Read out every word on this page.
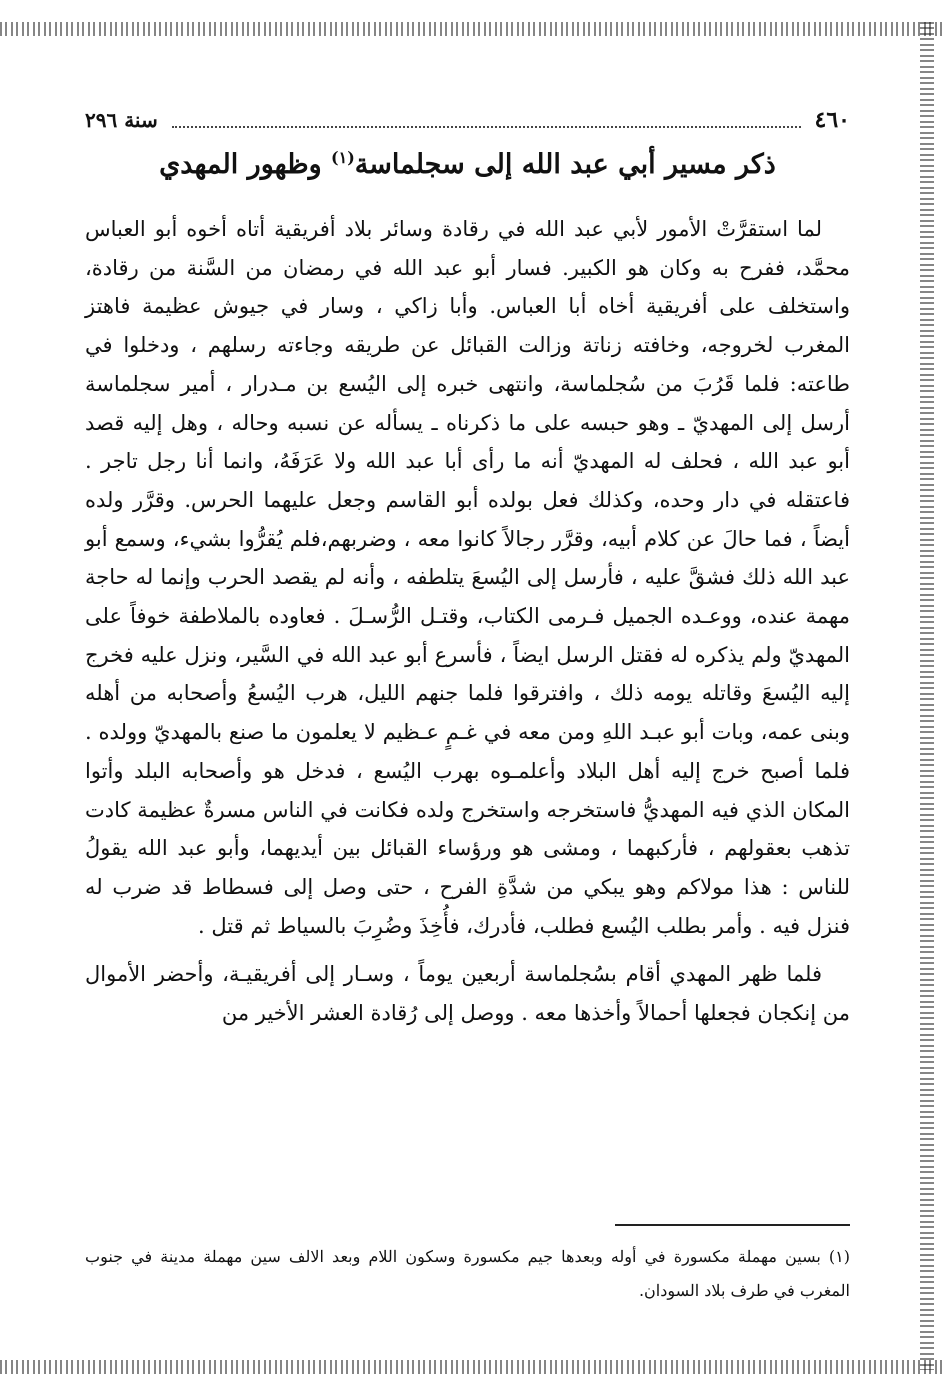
٤٦٠
سنة ٢٩٦
ذكر مسير أبي عبد الله إلى سجلماسة$^{(١)}$ وظهور المهدي

لما استقرَّتْ الأمور لأبي عبد الله في رقادة وسائر بلاد أفريقية أتاه أخوه أبو العباس محمَّد، ففرح به وكان هو الكبير. فسار أبو عبد الله في رمضان من السَّنة من رقادة، واستخلف على أفريقية أخاه أبا العباس. وأبا زاكي ، وسار في جيوش عظيمة فاهتز المغرب لخروجه، وخافته زناتة وزالت القبائل عن طريقه وجاءته رسلهم ، ودخلوا في طاعته: فلما قَرُبَ من سُجلماسة، وانتهى خبره إلى اليُسع بن مـدرار ، أمير سجلماسة أرسل إلى المهديّ ـ وهو حبسه على ما ذكرناه ـ يسأله عن نسبه وحاله ، وهل إليه قصد أبو عبد الله ، فحلف له المهديّ أنه ما رأى أبا عبد الله ولا عَرَفَهُ، وانما أنا رجل تاجر . فاعتقله في دار وحده، وكذلك فعل بولده أبو القاسم وجعل عليهما الحرس. وقرَّر ولده أيضاً ، فما حالَ عن كلام أبيه، وقرَّر رجالاً كانوا معه ، وضربهم،فلم يُقرُّوا بشيء، وسمع أبو عبد الله ذلك فشقَّ عليه ، فأرسل إلى اليُسعَ يتلطفه ، وأنه لم يقصد الحرب وإنما له حاجة مهمة عنده، ووعـده الجميل فـرمى الكتاب، وقتـل الرُّسـلَ . فعاوده بالملاطفة خوفاً على المهديّ ولم يذكره له فقتل الرسل ايضاً ، فأسرع أبو عبد الله في السَّير، ونزل عليه فخرج إليه اليُسعَ وقاتله يومه ذلك ، وافترقوا فلما جنهم الليل، هرب اليُسعُ وأصحابه من أهله وبنى عمه، وبات أبو عبـد اللهِ ومن معه في غـمٍ عـظيم لا يعلمون ما صنع بالمهديّ وولده . فلما أصبح خرج إليه أهل البلاد وأعلمـوه بهرب اليُسع ، فدخل هو وأصحابه البلد وأتوا المكان الذي فيه المهديُّ فاستخرجه واستخرج ولده فكانت في الناس مسرةٌ عظيمة كادت تذهب بعقولهم ، فأركبهما ، ومشى هو ورؤساء القبائل بين أيديهما، وأبو عبد الله يقولُ للناس : هذا مولاكم وهو يبكي من شدَّةِ الفرح ، حتى وصل إلى فسطاط قد ضرب له فنزل فيه . وأمر بطلب اليُسع فطلب، فأدرك، فأُخِذَ وضُرِبَ بالسياط ثم قتل .

فلما ظهر المهدي أقام بسُجلماسة أربعين يوماً ، وسـار إلى أفريقيـة، وأحضر الأموال من إنكجان فجعلها أحمالاً وأخذها معه . ووصل إلى رُقادة العشر الأخير من

(١) بسين مهملة مكسورة في أوله وبعدها جيم مكسورة وسكون اللام وبعد الالف سين مهملة مدينة في جنوب المغرب في طرف بلاد السودان.
